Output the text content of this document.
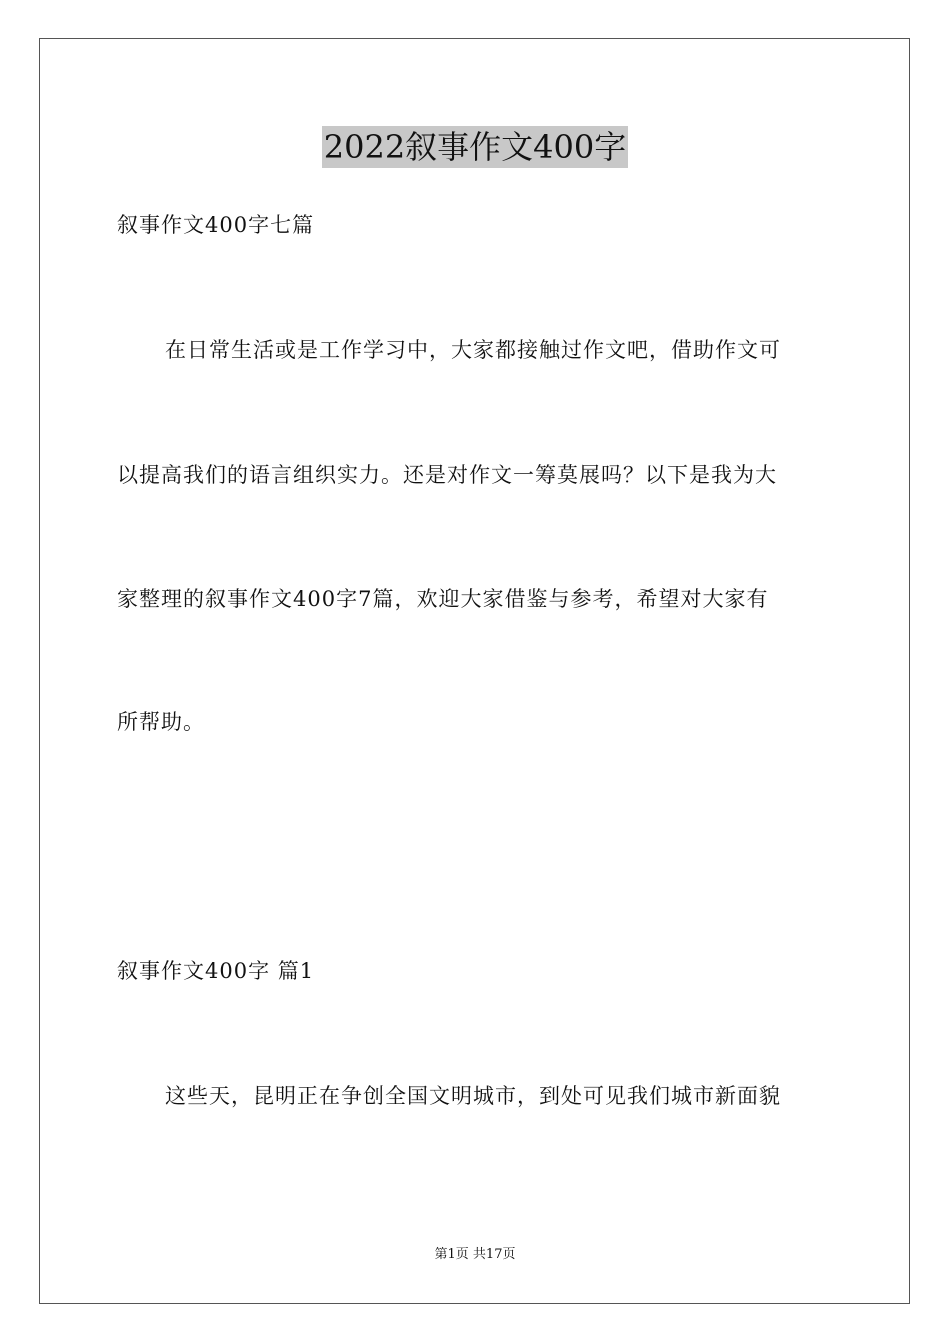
2022叙事作文400字
叙事作文400字七篇
在日常生活或是工作学习中，大家都接触过作文吧，借助作文可
以提高我们的语言组织实力。还是对作文一筹莫展吗？以下是我为大
家整理的叙事作文400字7篇，欢迎大家借鉴与参考，希望对大家有
所帮助。
叙事作文400字 篇1
这些天，昆明正在争创全国文明城市，到处可见我们城市新面貌
第1页 共17页
